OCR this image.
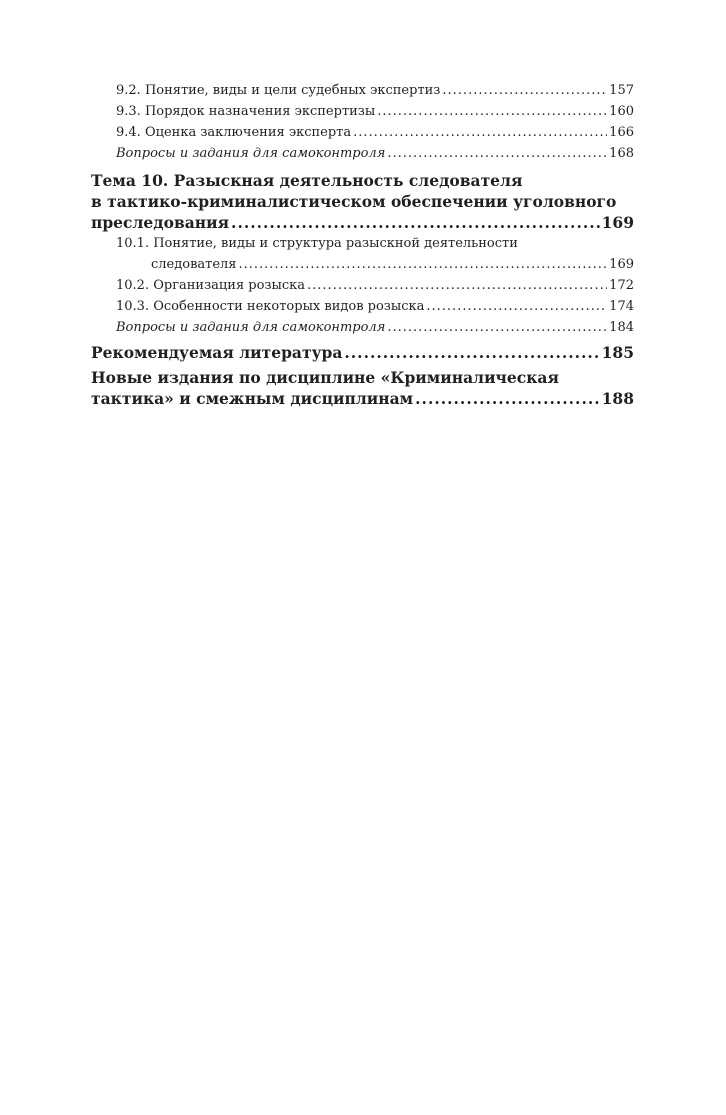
9.2. Понятие, виды и цели судебных экспертиз .....	157
9.3. Порядок назначения экспертизы .....	160
9.4. Оценка заключения эксперта .....	166
Вопросы и задания для самоконтроля .....	168
Тема 10. Разыскная деятельность следователя
в тактико-криминалистическом обеспечении уголовного
преследования .....	169
10.1. Понятие, виды и структура разыскной деятельности
следователя .....	169
10.2. Организация розыска .....	172
10.3. Особенности некоторых видов розыска .....	174
Вопросы и задания для самоконтроля .....	184
Рекомендуемая литература .....	185
Новые издания по дисциплине «Криминалическая
тактика» и смежным дисциплинам .....	188
